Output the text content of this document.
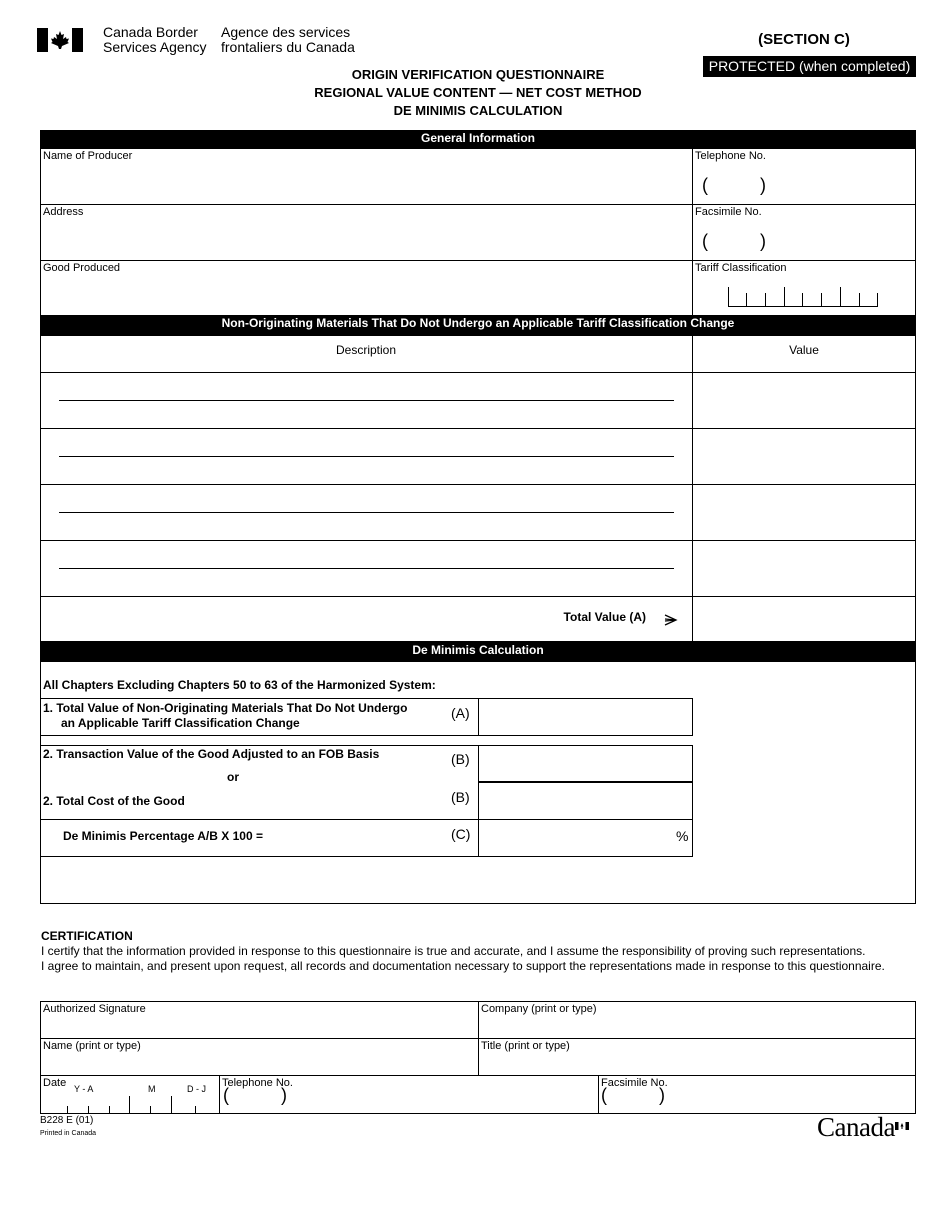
Canada Border
Services Agency
Agence des services
frontaliers du Canada	(SECTION C)
PROTECTED (when completed)
ORIGIN VERIFICATION QUESTIONNAIRE
REGIONAL VALUE CONTENT — NET COST METHOD
DE MINIMIS CALCULATION
General Information
Name of Producer	Telephone No.
(	)
Address	Facsimile No.
(	)
Good Produced	Tariff Classification
Non-Originating Materials That Do Not Undergo an Applicable Tariff Classification Change
Description	Value
Total Value (A)
De Minimis Calculation
All Chapters Excluding Chapters 50 to 63 of the Harmonized System:
1. Total Value of Non-Originating Materials That Do Not Undergo
an Applicable Tariff Classification Change
(A)
2. Transaction Value of the Good Adjusted to an FOB Basis	(B)
or
2. Total Cost of the Good	(B)
De Minimis Percentage A/B X 100 =	(C)	%
CERTIFICATION
I certify that the information provided in response to this questionnaire is true and accurate, and I assume the responsibility of proving such representations.
I agree to maintain, and present upon request, all records and documentation necessary to support the representations made in response to this questionnaire.
Authorized Signature	Company (print or type)
Name (print or type)	Title (print or type)
Date Y - A	M	D - J Telephone No.
(	)
Facsimile No.
(	)
B228 E (01)
Printed in Canada	Canada
